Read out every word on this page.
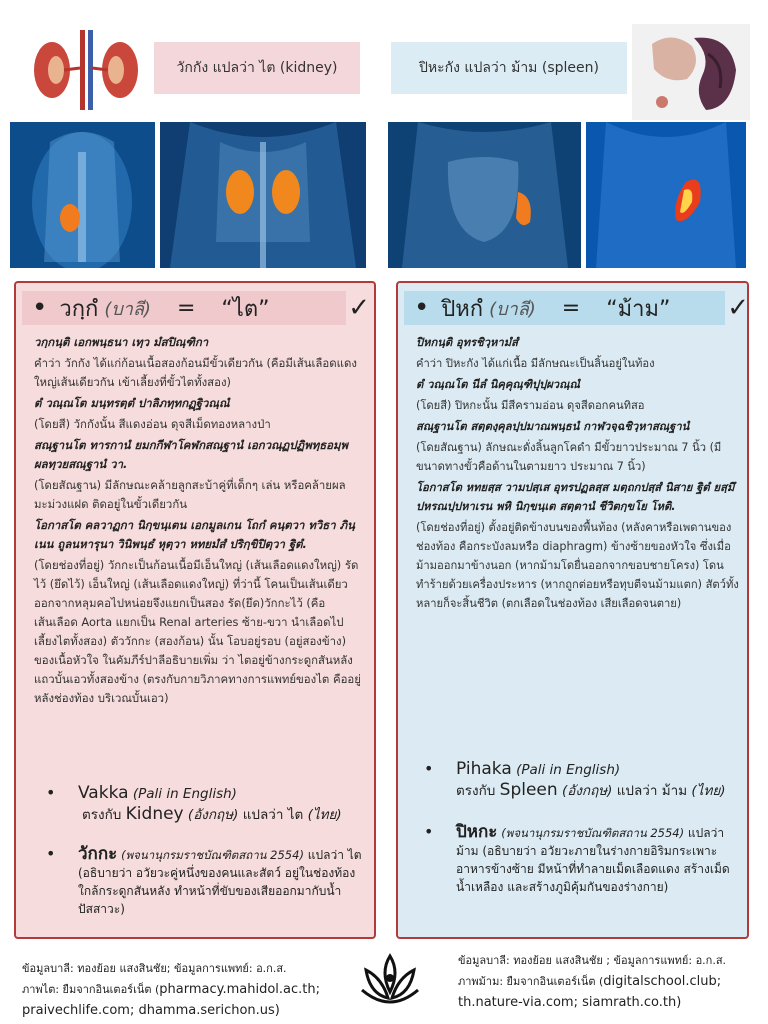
วักกัง แปลว่า ไต (kidney)	ปิหะกัง แปลว่า ม้าม (spleen)
• วกฺกํ (บาลี) = “ไต”	✓

วกฺกนฺติ เอกพนฺธนา เทฺว มํสปิณฺฑิกา

คำว่า วักกัง ได้แก่ก้อนเนื้อสองก้อนมีขั้วเดียวกัน (คือมีเส้นเลือดแดงใหญ่เส้นเดียวกัน เข้าเลี้ยงที่ขั้วไตทั้งสอง)

ตํ วณฺณโต มนฺทรตฺตํ ปาลิภทฺทกฏฺฐิวณฺณํ

(โดยสี) วักกังนั้น สีแดงอ่อน ดุจสีเม็ดทองหลางป่า

สณฺฐานโต ทารกานํ ยมกกีฬาโคฬกสณฺฐานํ เอกวณฺฏปฏิพทฺธอมฺพผลทฺวยสณฺฐานํ วา.

(โดยสัณฐาน) มีลักษณะคล้ายลูกสะบ้าคู่ที่เด็กๆ เล่น หรือคล้ายผลมะม่วงแฝด ติดอยู่ในขั้วเดียวกัน

โอกาสโต คลวาฏกา นิกฺขนฺเตน เอกมูลเกน โถกํ คนฺตวา ทวิธา ภินฺเนน ถูลนหารุนา วินิพนฺธํ หุตฺวา หทยมํสํ ปริกฺขิปิตฺวา ฐิตํ.

(โดยช่องที่อยู่) วักกะเป็นก้อนเนื้อมีเอ็นใหญ่ (เส้นเลือดแดงใหญ่) รัดไว้ (ยึดไว้) เอ็นใหญ่ (เส้นเลือดแดงใหญ่) ที่ว่านี้ โคนเป็นเส้นเดียวออกจากหลุมคอไปหน่อยจึงแยกเป็นสอง รัด(ยึด)วักกะไว้ (คือเส้นเลือด Aorta แยกเป็น Renal arteries ซ้าย-ขวา นำเลือดไปเลี้ยงไตทั้งสอง) ตัววักกะ (สองก้อน) นั้น โอบอยู่รอบ (อยู่สองข้าง) ของเนื้อหัวใจ ในคัมภีร์ปาลีอธิบายเพิ่ม ว่า ไตอยู่ข้างกระดูกสันหลัง แถวบั้นเอวทั้งสองข้าง (ตรงกับกายวิภาคทางการแพทย์ของไต คืออยู่หลังช่องท้อง บริเวณบั้นเอว)

• Vakka (Pali in English)
ตรงกับ Kidney (อังกฤษ) แปลว่า ไต (ไทย)
• วักกะ (พจนานุกรมราชบัณฑิตสถาน 2554) แปลว่า ไต (อธิบายว่า อวัยวะคู่หนึ่งของคนและสัตว์ อยู่ในช่องท้องใกล้กระดูกสันหลัง ทำหน้าที่ขับของเสียออกมากับน้ำปัสสาวะ)
• ปิหกํ (บาลี) = “ม้าม” ✓

ปิหกนฺติ อุทรชิวฺหามํสํ

คำว่า ปิหะกัง ได้แก่เนื้อ มีลักษณะเป็นลิ้นอยู่ในท้อง

ตํ วณฺณโต นีลํ นิคฺคุณฺฑิปุปฺผวณฺณํ

(โดยสี) ปิหกะนั้น มีสีครามอ่อน ดุจสีดอกคนทิสอ

สณฺฐานโต สตฺตงฺคุลปฺปมาณพนฺธนํ กาฬวจฺฉชิวฺหาสณฺฐานํ

(โดยสัณฐาน) ลักษณะดั่งลิ้นลูกโคดำ มีขั้วยาวประมาณ 7 นิ้ว (มีขนาดทางขั้วคือด้านในตามยาว ประมาณ 7 นิ้ว)

โอกาสโต หทยสฺส วามปสฺเส อุทรปฏลสฺส มตฺถกปสฺสํ นิสาย ฐิตํ ยสฺมึ ปหรณปฺปหาเรน พหิ นิกฺขนฺเต สตฺตานํ ชีวิตกฺขโย โหติ.

(โดยช่องที่อยู่) ตั้งอยู่ติดข้างบนของพื้นท้อง (หลังคาหรือเพดานของช่องท้อง คือกระบังลมหรือ diaphragm) ข้างซ้ายของหัวใจ ซึ่งเมื่อม้ามออกมาข้างนอก (หากม้ามโดยื่นออกจากขอบชายโครง) โดนทำร้ายด้วยเครื่องประหาร (หากถูกต่อยหรือทุบตีจนม้ามแตก) สัตว์ทั้งหลายก็จะสิ้นชีวิต (ตกเลือดในช่องท้อง เสียเลือดจนตาย)

• Pihaka (Pali in English)
ตรงกับ Spleen (อังกฤษ) แปลว่า ม้าม (ไทย)
• ปิหกะ (พจนานุกรมราชบัณฑิตสถาน 2554) แปลว่า ม้าม (อธิบายว่า อวัยวะภายในร่างกายอิริมกระเพาะอาหารข้างซ้าย มีหน้าที่ทำลายเม็ดเลือดแดง สร้างเม็ดน้ำเหลือง และสร้างภูมิคุ้มกันของร่างกาย)
ข้อมูลบาลี: ทองย้อย แสงสินชัย; ข้อมูลการแพทย์: อ.ก.ส.
ภาพไต: ยืมจากอินเตอร์เน็ต (pharmacy.mahidol.ac.th;
praivechlife.com; dhamma.serichon.us)
ข้อมูลบาลี: ทองย้อย แสงสินชัย ; ข้อมูลการแพทย์: อ.ก.ส.
ภาพม้าม: ยืมจากอินเตอร์เน็ต (digitalschool.club;
th.nature-via.com; siamrath.co.th)
